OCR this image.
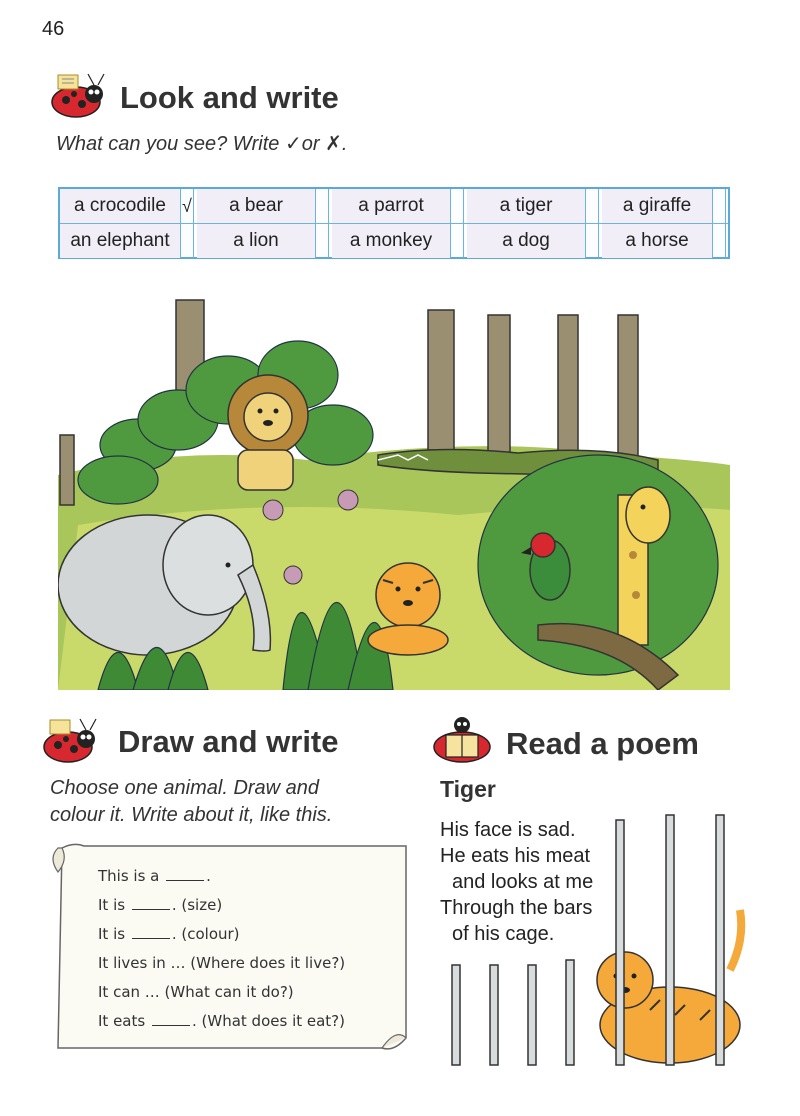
46
Look and write
What can you see? Write ✓or ✗.
a crocodile √	a bear	a parrot	a tiger	a giraffe
an elephant	a lion	a monkey	a dog	a horse
Draw and write
Choose one animal. Draw and
colour it. Write about it, like this.
This is a	.
It is	. (size)
It is	. (colour)
It lives in … (Where does it live?)
It can … (What can it do?)
It eats	. (What does it eat?)
Read a poem
Tiger
His face is sad.
He eats his meat
and looks at me
Through the bars
of his cage.
